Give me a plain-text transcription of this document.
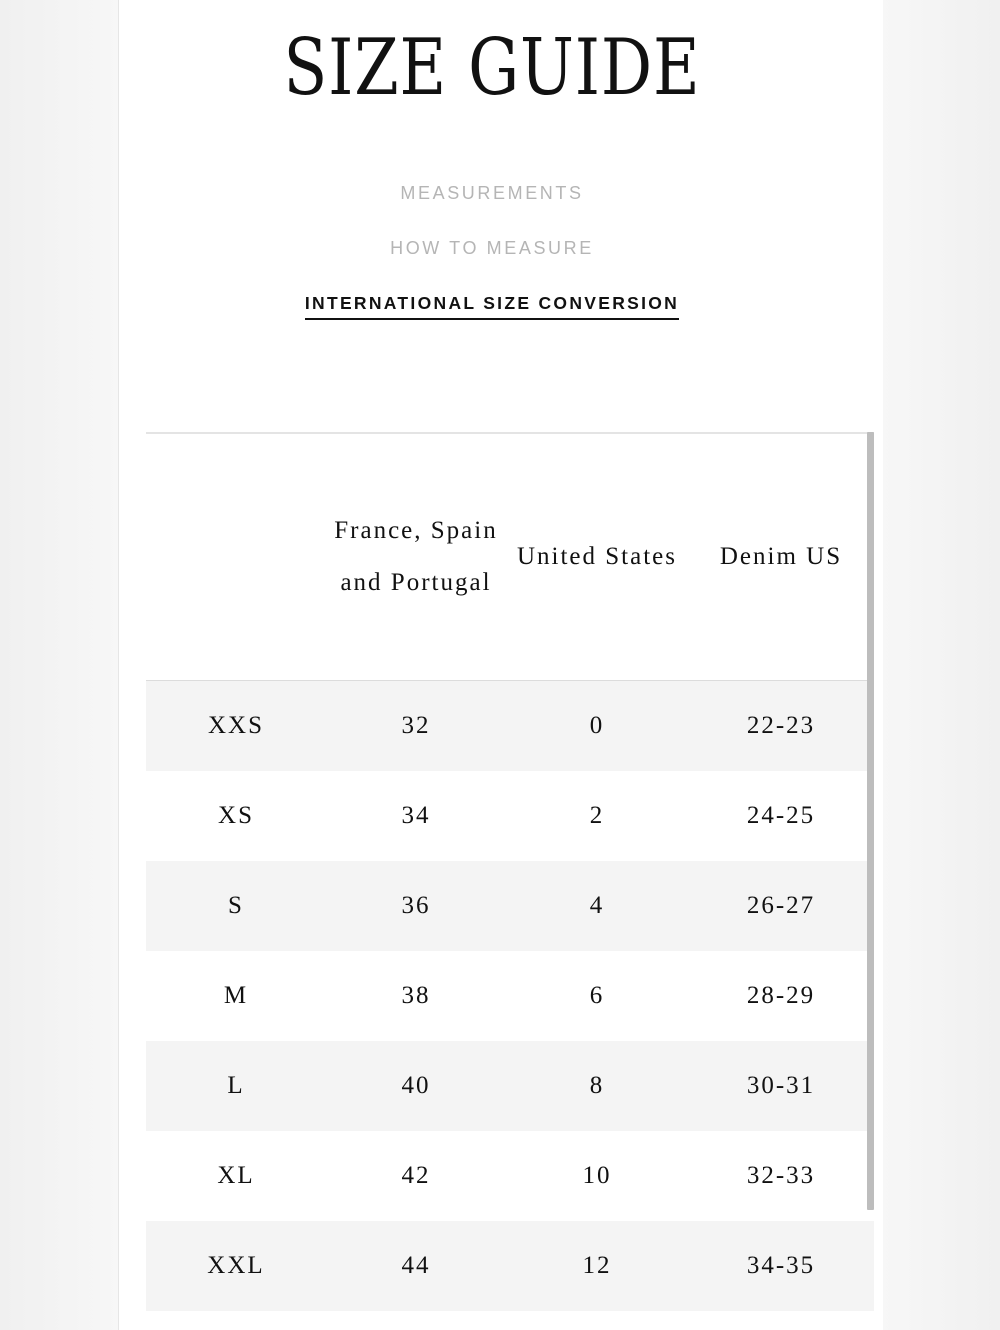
SIZE GUIDE
MEASUREMENTS
HOW TO MEASURE
INTERNATIONAL SIZE CONVERSION
	France, Spain and Portugal	United States	Denim US
XXS	32	0	22-23
XS	34	2	24-25
S	36	4	26-27
M	38	6	28-29
L	40	8	30-31
XL	42	10	32-33
XXL	44	12	34-35
